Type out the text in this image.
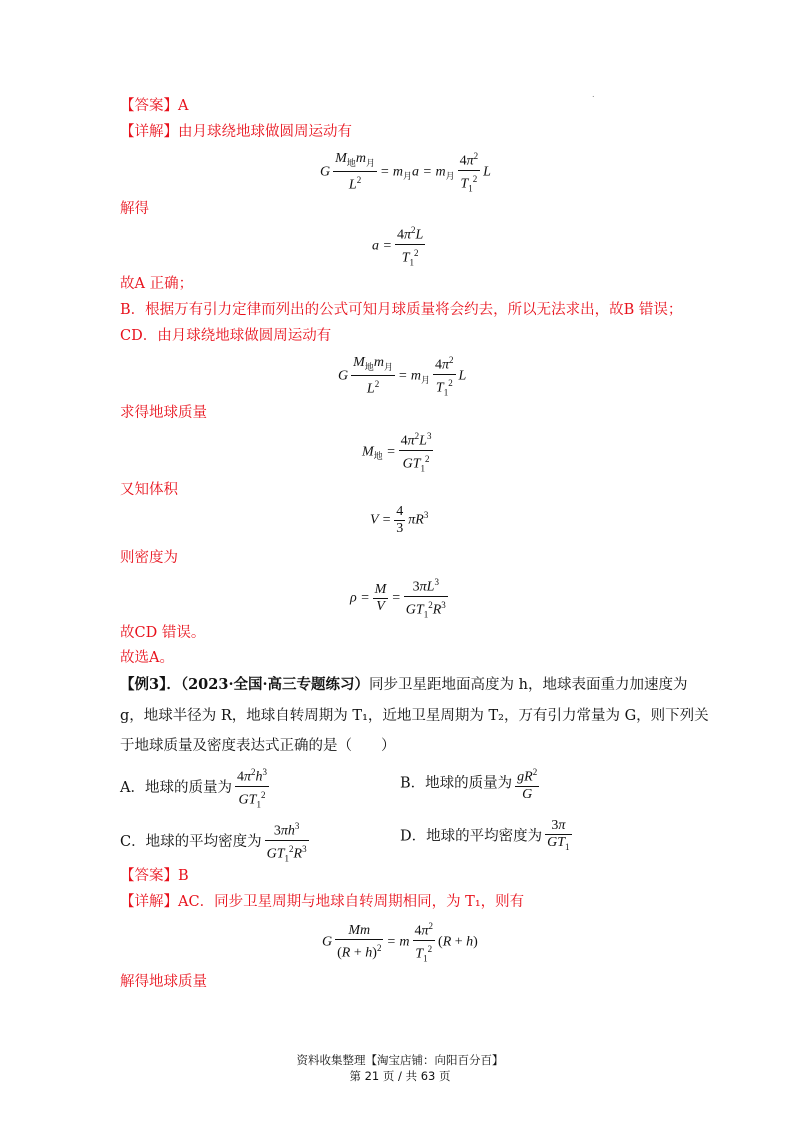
.
【答案】A
【详解】由月球绕地球做圆周运动有
G $\frac{M_地m_月}{L^2} = m_月a = m_月 \frac{4\pi^2}{T_1^2}$ L
解得
$a = \frac{4\pi^2L}{T_1^2}$
故A 正确；
B．根据万有引力定律而列出的公式可知月球质量将会约去，所以无法求出，故B 错误；
CD．由月球绕地球做圆周运动有
G $\frac{M_地m_月}{L^2} = m_月 \frac{4\pi^2}{T_1^2}$ L
求得地球质量
$M_地 = \frac{4\pi^2L^3}{GT_1^2}$
又知体积
$V = \frac{4}{3} \pi R^3$
则密度为
$\rho = \frac{M}{V} = \frac{3\pi L^3}{GT_1^2R^3}$
故CD 错误。
故选A。
【例3】．（2023·全国·高三专题练习）同步卫星距地面高度为 h，地球表面重力加速度为
g，地球半径为 R，地球自转周期为 T₁，近地卫星周期为 T₂，万有引力常量为 G，则下列关
于地球质量及密度表达式正确的是（　　）
A．地球的质量为 $\frac{4\pi^2h^3}{GT_1^2}$	B．地球的质量为 $\frac{gR^2}{G}$
C．地球的平均密度为 $\frac{3\pi h^3}{GT_1^2R^3}$	D．地球的平均密度为 $\frac{3\pi}{GT_1}$
【答案】B
【详解】AC．同步卫星周期与地球自转周期相同，为 T₁，则有
G $\frac{Mm}{(R + h)^2} = m \frac{4\pi^2}{T_1^2} (R + h)$
解得地球质量
资料收集整理【淘宝店铺：向阳百分百】
第 21 页 / 共 63 页
